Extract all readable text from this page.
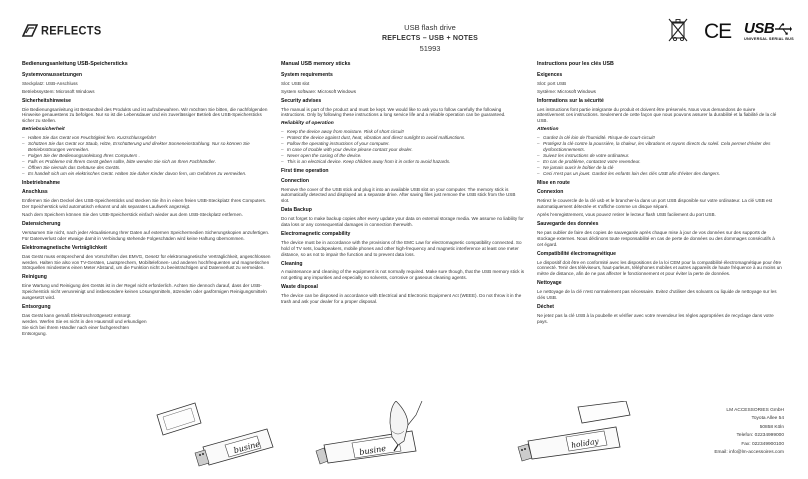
REFLECTS	USB flash drive
REFLECTS – USB + NOTES
51993
CE USB
UNIVERSAL SERIAL BUS
Bedienungsanleitung USB-Speichersticks
Systemvoraussetzungen

Steckplatz: USB-Anschluss

Betriebssystem: Microsoft Windows

Sicherheitshinweise

Die Bedienungsanleitung ist Bestandteil des Produkts und ist aufzubewahren. Wir möchten Sie bitten, die nachfolgenden Hinweise genauestens zu befolgen. Nur so ist die Lebensdauer und ein zuverlässiger Betrieb des USB-Speichersticks sicher zu stellen.

Betriebssicherheit
– Halten Sie das Gerät von Feuchtigkeit fern. Kurzschlussgefahr!
– Schützen Sie das Gerät vor Staub, Hitze, Erschütterung und direkter Sonneneinstrahlung. Nur so können Sie Betriebsstörungen vermeiden.
– Folgen Sie der Bedienungsanleitung Ihres Computers .
– Falls es Probleme mit Ihrem Gerät geben sollte, bitte wenden Sie sich an Ihren Fachhändler.
– Öffnen Sie niemals das Gehäuse des Geräts.
– Es handelt sich um ein elektrisches Gerät. Halten Sie daher Kinder davon fern, um Gefahren zu vermeiden.
Inbetriebnahme
Anschluss

Entfernen Sie den Deckel des USB-Speichersticks und stecken Sie ihn in einen freien USB-Steckplatz Ihres Computers. Der Speicherstick wird automatisch erkannt und als separates Laufwerk angezeigt.

Nach dem Speichern können Sie den USB-Speicherstick einfach wieder aus dem USB-Steckplatz entfernen.

Datensicherung

Versäumen Sie nicht, nach jeder Aktualisierung Ihrer Daten auf externen Speichermedien Sicherungskopien anzufertigen. Für Datenverlust oder etwaige damit in Verbindung stehende Folgeschäden wird keine Haftung übernommen.

Elektromagnetische Verträglichkeit

Das Gerät muss entsprechend den Vorschriften des EMVG, Gesetz für elektromagnetische Verträglichkeit, angeschlossen werden. Halten Sie also von TV-Geräten, Lautsprechern, Mobiltelefonen- und anderen hochfrequenten und magnetischen Störquellen mindestens einen Meter Abstand, um die Funktion nicht zu beeinträchtigen und Datenverlust zu vermeiden.

Reinigung

Eine Wartung und Reinigung des Geräts ist in der Regel nicht erforderlich. Achten Sie dennoch darauf, dass der USB-Speicherstick nicht verunreinigt und insbesondere keinen Lösungsmitteln, ätzenden oder gasförmigen Reinigungsmitteln ausgesetzt wird.

Entsorgung

Das Gerät kann gemäß Elektroschrottgesetz entsorgt werden. Werfen Sie es nicht in den Hausmüll und erkundigen Sie sich bei Ihrem Händler nach einer fachgerechten Entsorgung.

Manual USB memory sticks
System requirements

Slot: USB slot

System software: Microsoft Windows

Security advises

The manual is part of the product and must be kept. We would like to ask you to follow carefully the following instructions. Only by following these instructions a long service life and a reliable operation can be guaranteed.

Reliability of operation
– Keep the device away from moisture. Risk of short circuit!
– Protect the device against dust, heat, vibration and direct sunlight to avoid malfunctions.
– Follow the operating instructions of your computer.
– In case of trouble with your device please contact your dealer.
– Never open the casing of the device.
– This is an electrical device. Keep children away from it in order to avoid hazards.
First time operation
Connection

Remove the cover of the USB stick and plug it into an available USB slot on your computer. The memory stick is automatically detected and displayed as a separate drive. After saving files just remove the USB stick from the USB slot.

Data Backup

Do not forget to make backup copies after every update your data on external storage media. We assume no liability for data loss or any consequential damages in connection therewith.

Electromagnetic compability

The device must be in accordance with the provisions of the EMC Law for electromagnetic compatibility connected. So hold of TV sets, loudspeakers, mobile phones and other high-frequency and magnetic interference at least one meter distance, so as not to impair the function and to prevent data loss.

Cleaning

A maintenance and cleaning of the equipment is not normally required. Make sure though, that the USB memory stick is not getting any impurities and especially no solvents, corrosive or gaseous cleaning agents.

Waste disposal

The device can be disposed in accordance with Electrical and Electronic Equipment Act (WEEE). Do not throw it in the trash and ask your dealer for a proper disposal.

Instructions pour les clés USB
Exigences

Slot: port USB

Système: Microsoft Windows

Informations sur la sécurité

Les instructions font partie intégrante du produit et doivent être préservés. Nous vous demandons de suivre attentivement ces instructions. Seulement de cette façon que nous pouvons assurer la durabilité et la fiabilité de la clé USB.

Attention
– Gardez la clé loin de l'humidité. Risque de court-circuit!
– Protégez la clé contre la poussière, la chaleur, les vibrations et rayons directs du soleil. Cela permet d'éviter des dysfonctionnements.
– Suivez les instructions de votre ordinateur.
– En cas de problème, contactez votre revendeur.
– Ne jamais ouvrir le boîtier de la clé
– Ceci n'est pas un jouet. Gardez les enfants loin des clés USB afin d'éviter des dangers.
Mise en route
Connexion

Retirez le couvercle de la clé usb et le brancher-la dans un port USB disponible sur votre ordinateur. La clé USB est automatiquement détectée et s'affiche comme un disque séparé.

Après l'enregistrement, vous pouvez retirer le lecteur flash USB facilement du port USB.

Sauvegarde des données

Ne pas oublier de faire des copies de sauvegarde après chaque mise à jour de vos données sur des supports de stockage externes. Nous déclinons toute responsabilité en cas de perte de données ou des dommages consécutifs à cet égard.

Compatibilité électromagnétique

Le dispositif doit être en conformité avec les dispositions de la loi CEM pour la compatibilité électromagnétique pour être connecté. Tenir des téléviseurs, haut-parleurs, téléphones mobiles et autres appareils de haute fréquence à au moins un mètre de distance, afin de ne pas affecter le fonctionnement et pour éviter la perte de données.

Nettoyage

Le nettoyage de la clé n'est normalement pas nécessaire. Evitez d'utiliser des solvants ou liquide de nettoyage sur les clés USB.

Déchet

Ne jetez pas la clé USB à la poubelle et vérifier avec votre revendeur les règles appropriées de recyclage dans votre pays.

busine	busine
holiday
LM ACCESSORIES GmbH
Toyota Allee 54
50858 Köln
Telefon: 02234999000
Fax: 022349900100
Email: info@lm-accessoires.com
